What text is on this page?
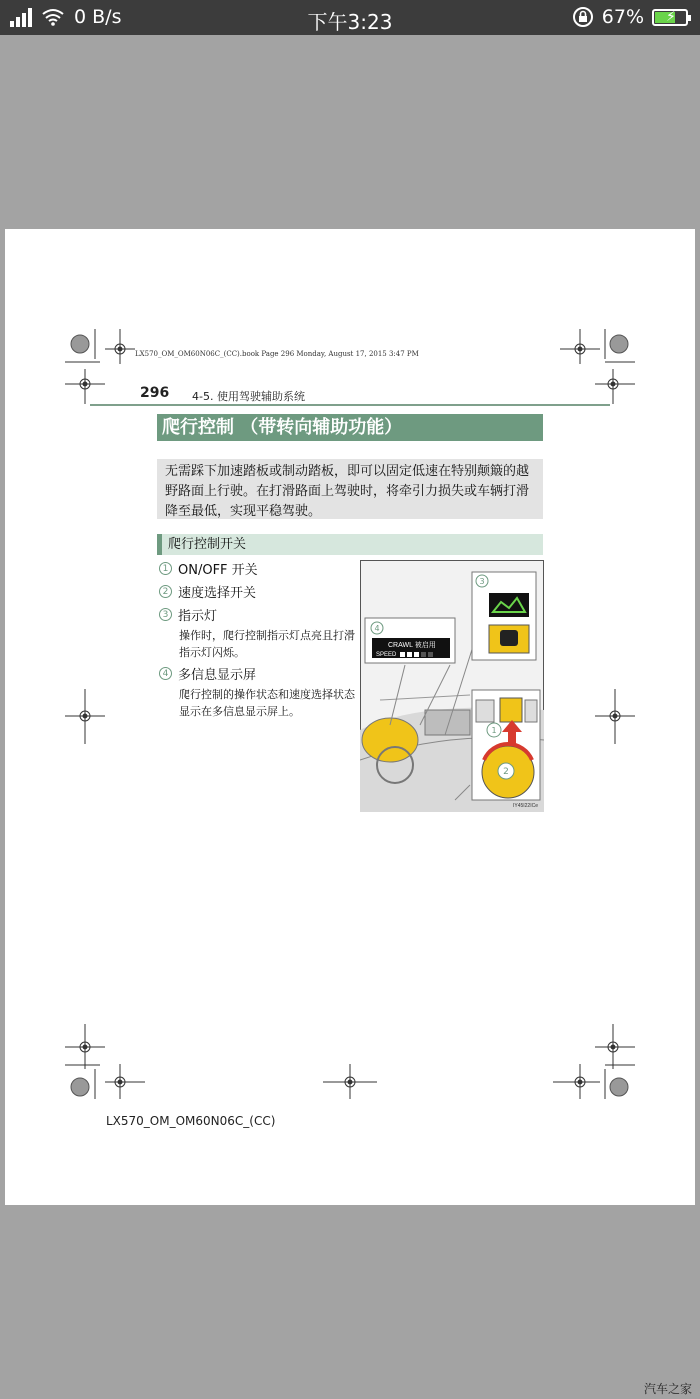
0 B/s	下午3:23	67% ⚡
LX570_OM_OM60N06C_(CC).book Page 296 Monday, August 17, 2015 3:47 PM
296 4-5. 使用驾驶辅助系统
爬行控制 （带转向辅助功能）
无需踩下加速踏板或制动踏板，即可以固定低速在特别颠簸的越野路面上行驶。在打滑路面上驾驶时，将牵引力损失或车辆打滑降至最低，实现平稳驾驶。
爬行控制开关
1 ON/OFF 开关
2 速度选择开关
3 指示灯
操作时，爬行控制指示灯点亮且打滑指示灯闪烁。
4 多信息显示屏
爬行控制的操作状态和速度选择状态显示在多信息显示屏上。
3
4
CRAWL 被启用
SPEED
1
2
IY45I22ICe
LX570_OM_OM60N06C_(CC)
汽车之家
